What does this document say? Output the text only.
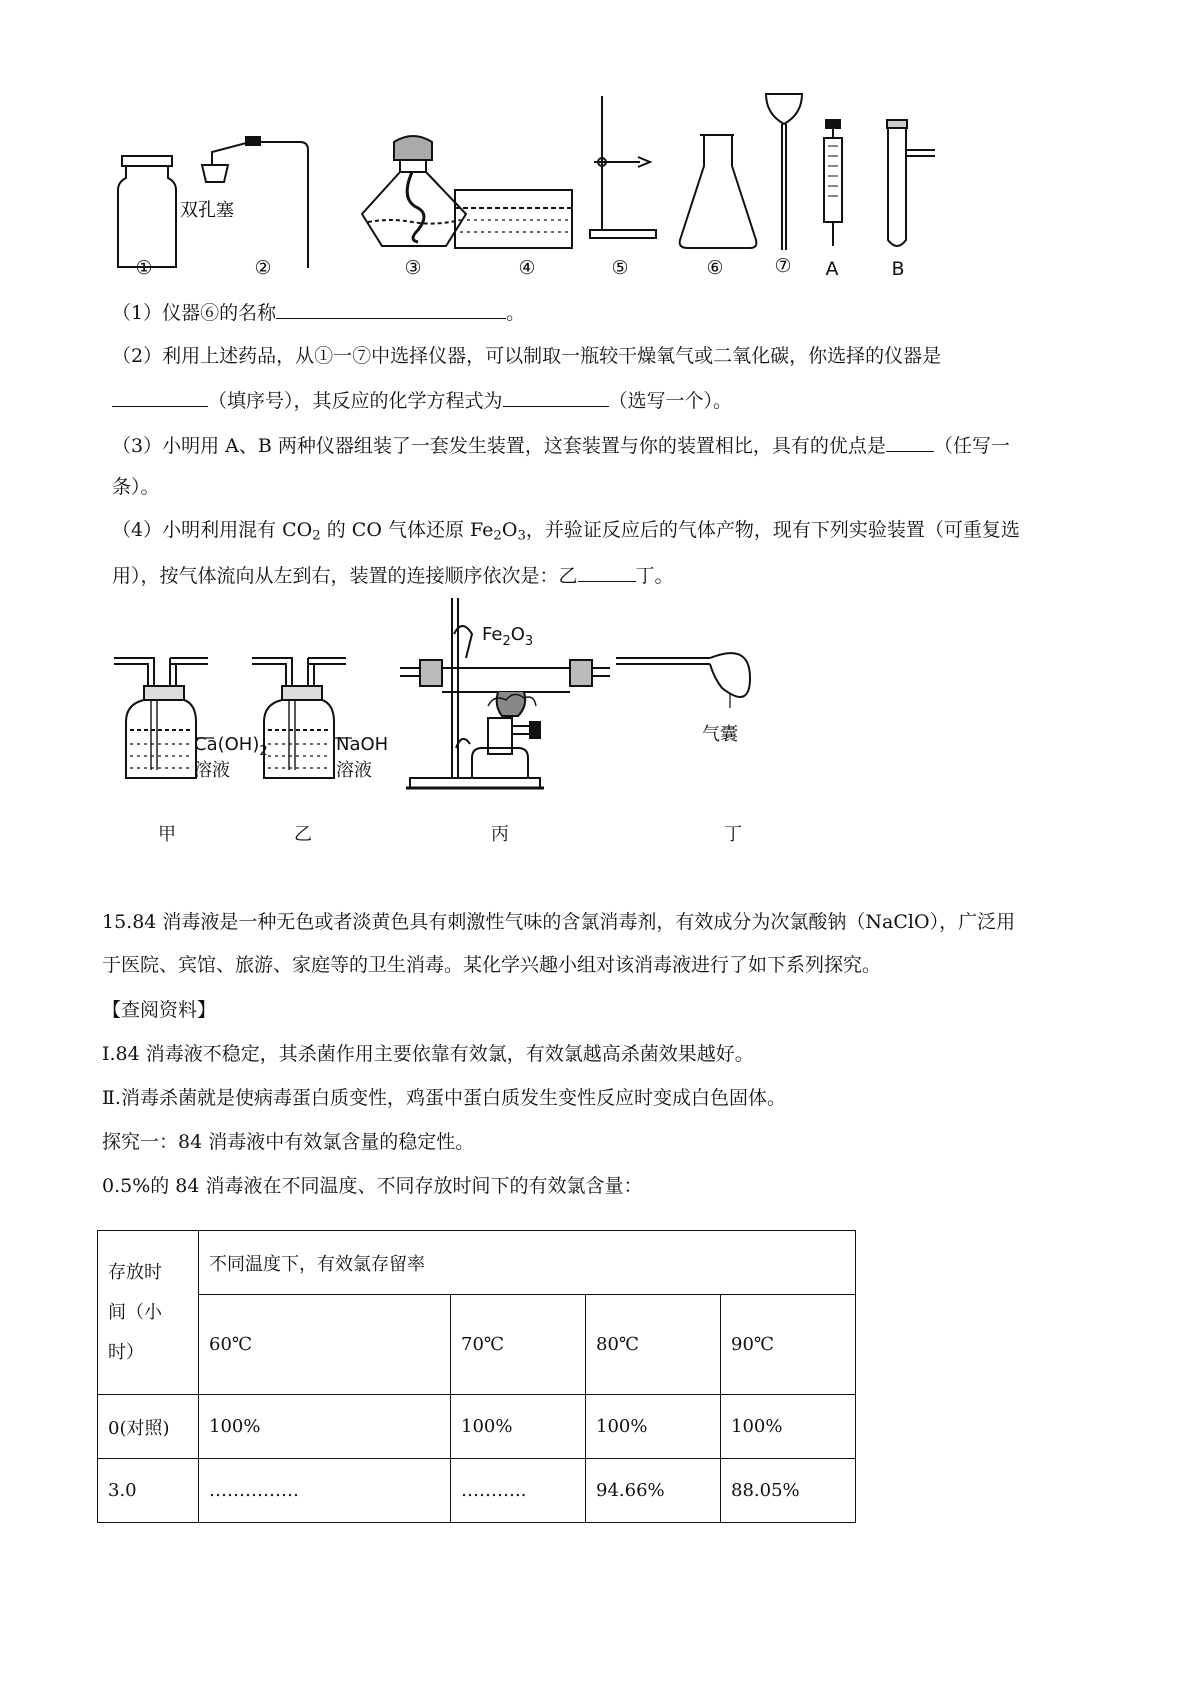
双孔塞
①	②	③	④	⑤	⑥	⑦	A	B
（1）仪器⑥的名称	。
（2）利用上述药品，从①一⑦中选择仪器，可以制取一瓶较干燥氧气或二氧化碳，你选择的仪器是
（填序号），其反应的化学方程式为	（选写一个）。
（3）小明用 A、B 两种仪器组装了一套发生装置，这套装置与你的装置相比，具有的优点是	（任写一
条）。
（4）小明利用混有 $CO_2$ 的 CO 气体还原 $Fe_2O_3$，并验证反应后的气体产物，现有下列实验装置（可重复选
用），按气体流向从左到右，装置的连接顺序依次是：乙	丁。
$Ca(OH)_2$
溶液
NaOH
溶液
$Fe_2O_3$
气囊
甲	乙	丙	丁
15.84 消毒液是一种无色或者淡黄色具有刺激性气味的含氯消毒剂，有效成分为次氯酸钠（NaClO），广泛用
于医院、宾馆、旅游、家庭等的卫生消毒。某化学兴趣小组对该消毒液进行了如下系列探究。
【查阅资料】
I.84 消毒液不稳定，其杀菌作用主要依靠有效氯，有效氯越高杀菌效果越好。
Ⅱ.消毒杀菌就是使病毒蛋白质变性，鸡蛋中蛋白质发生变性反应时变成白色固体。
探究一：84 消毒液中有效氯含量的稳定性。
0.5%的 84 消毒液在不同温度、不同存放时间下的有效氯含量：
存放时
间（小
时）	不同温度下，有效氯存留率			
	60℃	70℃	80℃	90℃
0(对照)	100%	100%	100%	100%
3.0	……………	………..	94.66%	88.05%
